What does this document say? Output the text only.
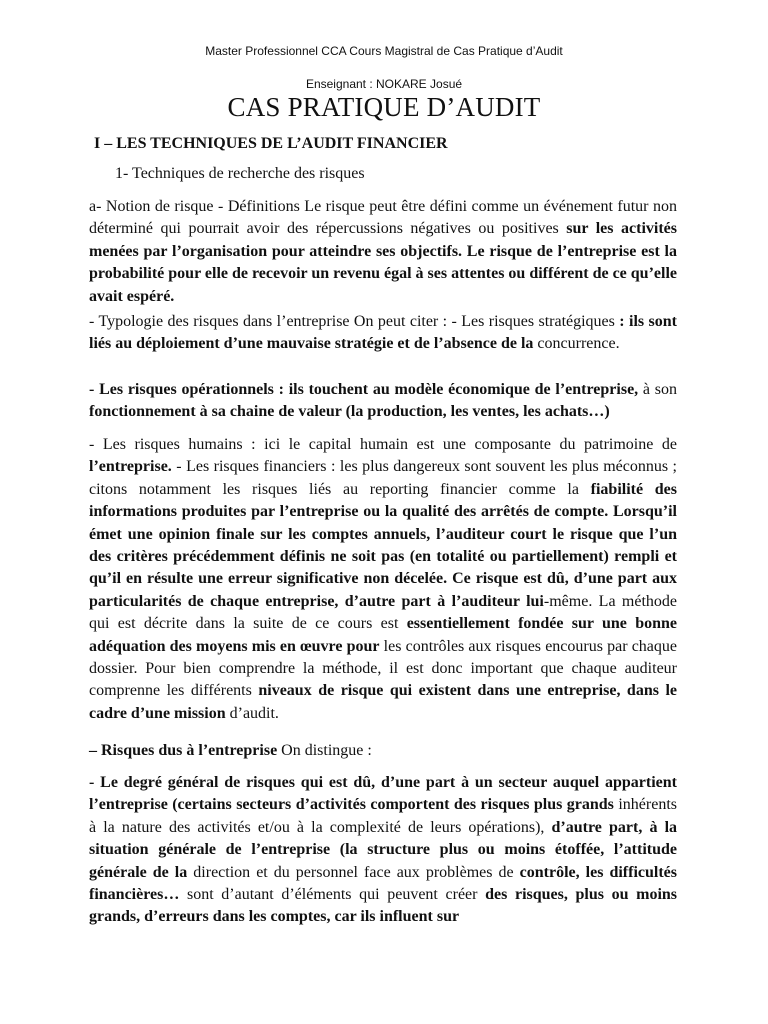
Master Professionnel CCA Cours Magistral de Cas Pratique d’Audit
Enseignant : NOKARE Josué
CAS PRATIQUE D’AUDIT
I – LES TECHNIQUES DE L’AUDIT FINANCIER
1- Techniques de recherche des risques

a- Notion de risque - Définitions Le risque peut être défini comme un événement futur non déterminé qui pourrait avoir des répercussions négatives ou positives sur les activités menées par l’organisation pour atteindre ses objectifs. Le risque de l’entreprise est la probabilité pour elle de recevoir un revenu égal à ses attentes ou différent de ce qu’elle avait espéré.

- Typologie des risques dans l’entreprise On peut citer : - Les risques stratégiques : ils sont liés au déploiement d’une mauvaise stratégie et de l’absence de la concurrence.

- Les risques opérationnels : ils touchent au modèle économique de l’entreprise, à son fonctionnement à sa chaine de valeur (la production, les ventes, les achats…)

- Les risques humains : ici le capital humain est une composante du patrimoine de l’entreprise. - Les risques financiers : les plus dangereux sont souvent les plus méconnus ; citons notamment les risques liés au reporting financier comme la fiabilité des informations produites par l’entreprise ou la qualité des arrêtés de compte. Lorsqu’il émet une opinion finale sur les comptes annuels, l’auditeur court le risque que l’un des critères précédemment définis ne soit pas (en totalité ou partiellement) rempli et qu’il en résulte une erreur significative non décelée. Ce risque est dû, d’une part aux particularités de chaque entreprise, d’autre part à l’auditeur lui-même. La méthode qui est décrite dans la suite de ce cours est essentiellement fondée sur une bonne adéquation des moyens mis en œuvre pour les contrôles aux risques encourus par chaque dossier. Pour bien comprendre la méthode, il est donc important que chaque auditeur comprenne les différents niveaux de risque qui existent dans une entreprise, dans le cadre d’une mission d’audit.

– Risques dus à l’entreprise On distingue :

- Le degré général de risques qui est dû, d’une part à un secteur auquel appartient l’entreprise (certains secteurs d’activités comportent des risques plus grands inhérents à la nature des activités et/ou à la complexité de leurs opérations), d’autre part, à la situation générale de l’entreprise (la structure plus ou moins étoffée, l’attitude générale de la direction et du personnel face aux problèmes de contrôle, les difficultés financières… sont d’autant d’éléments qui peuvent créer des risques, plus ou moins grands, d’erreurs dans les comptes, car ils influent sur
